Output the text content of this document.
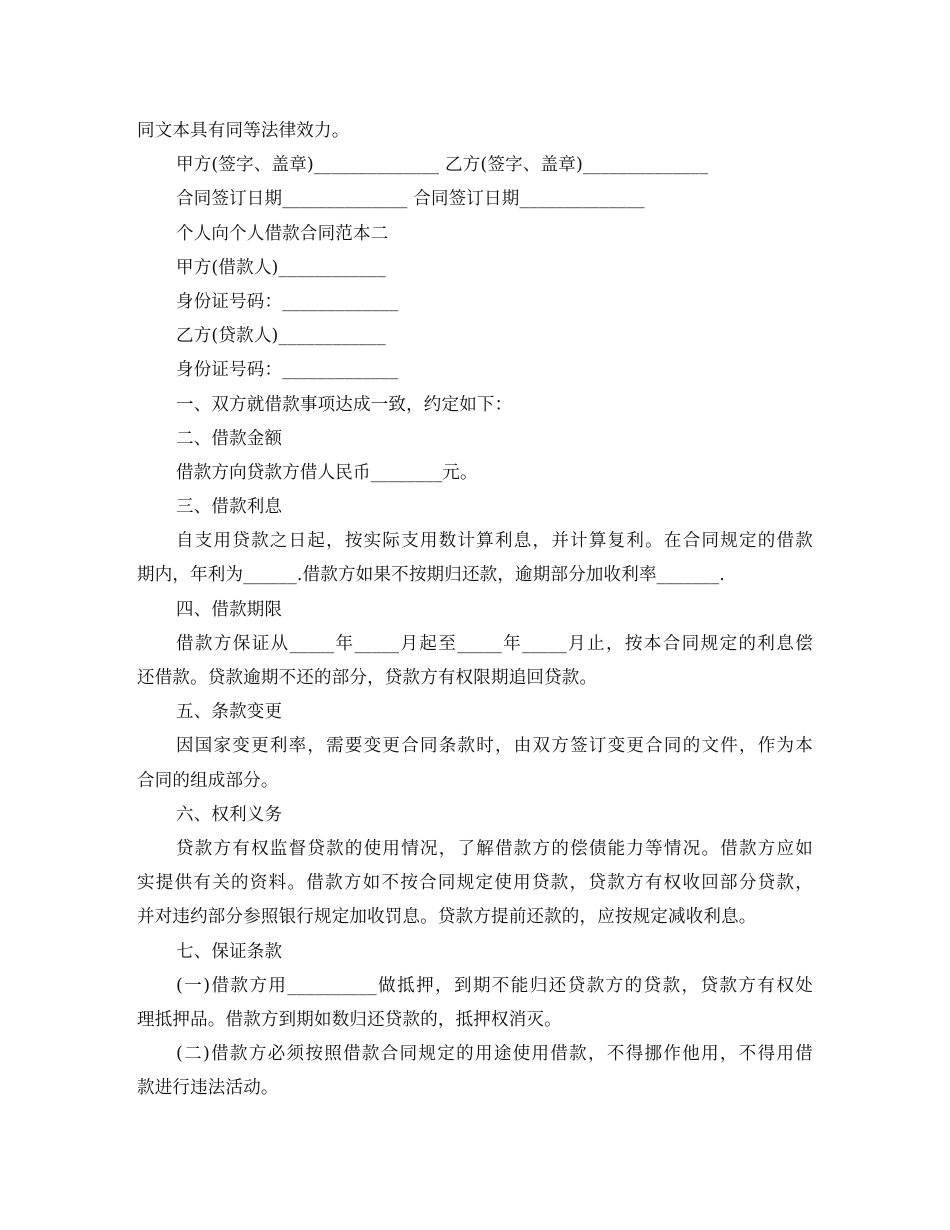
同文本具有同等法律效力。
甲方(签字、盖章)______________ 乙方(签字、盖章)______________
合同签订日期______________ 合同签订日期______________
个人向个人借款合同范本二
甲方(借款人)____________
身份证号码：_____________
乙方(贷款人)____________
身份证号码：_____________
一、双方就借款事项达成一致，约定如下：
二、借款金额
借款方向贷款方借人民币________元。
三、借款利息
自支用贷款之日起，按实际支用数计算利息，并计算复利。在合同规定的借款
期内，年利为______.借款方如果不按期归还款，逾期部分加收利率_______.
四、借款期限
借款方保证从_____年_____月起至_____年_____月止，按本合同规定的利息偿
还借款。贷款逾期不还的部分，贷款方有权限期追回贷款。
五、条款变更
因国家变更利率，需要变更合同条款时，由双方签订变更合同的文件，作为本
合同的组成部分。
六、权利义务
贷款方有权监督贷款的使用情况，了解借款方的偿债能力等情况。借款方应如
实提供有关的资料。借款方如不按合同规定使用贷款，贷款方有权收回部分贷款，
并对违约部分参照银行规定加收罚息。贷款方提前还款的，应按规定减收利息。
七、保证条款
(一)借款方用__________做抵押，到期不能归还贷款方的贷款，贷款方有权处
理抵押品。借款方到期如数归还贷款的，抵押权消灭。
(二)借款方必须按照借款合同规定的用途使用借款，不得挪作他用，不得用借
款进行违法活动。
